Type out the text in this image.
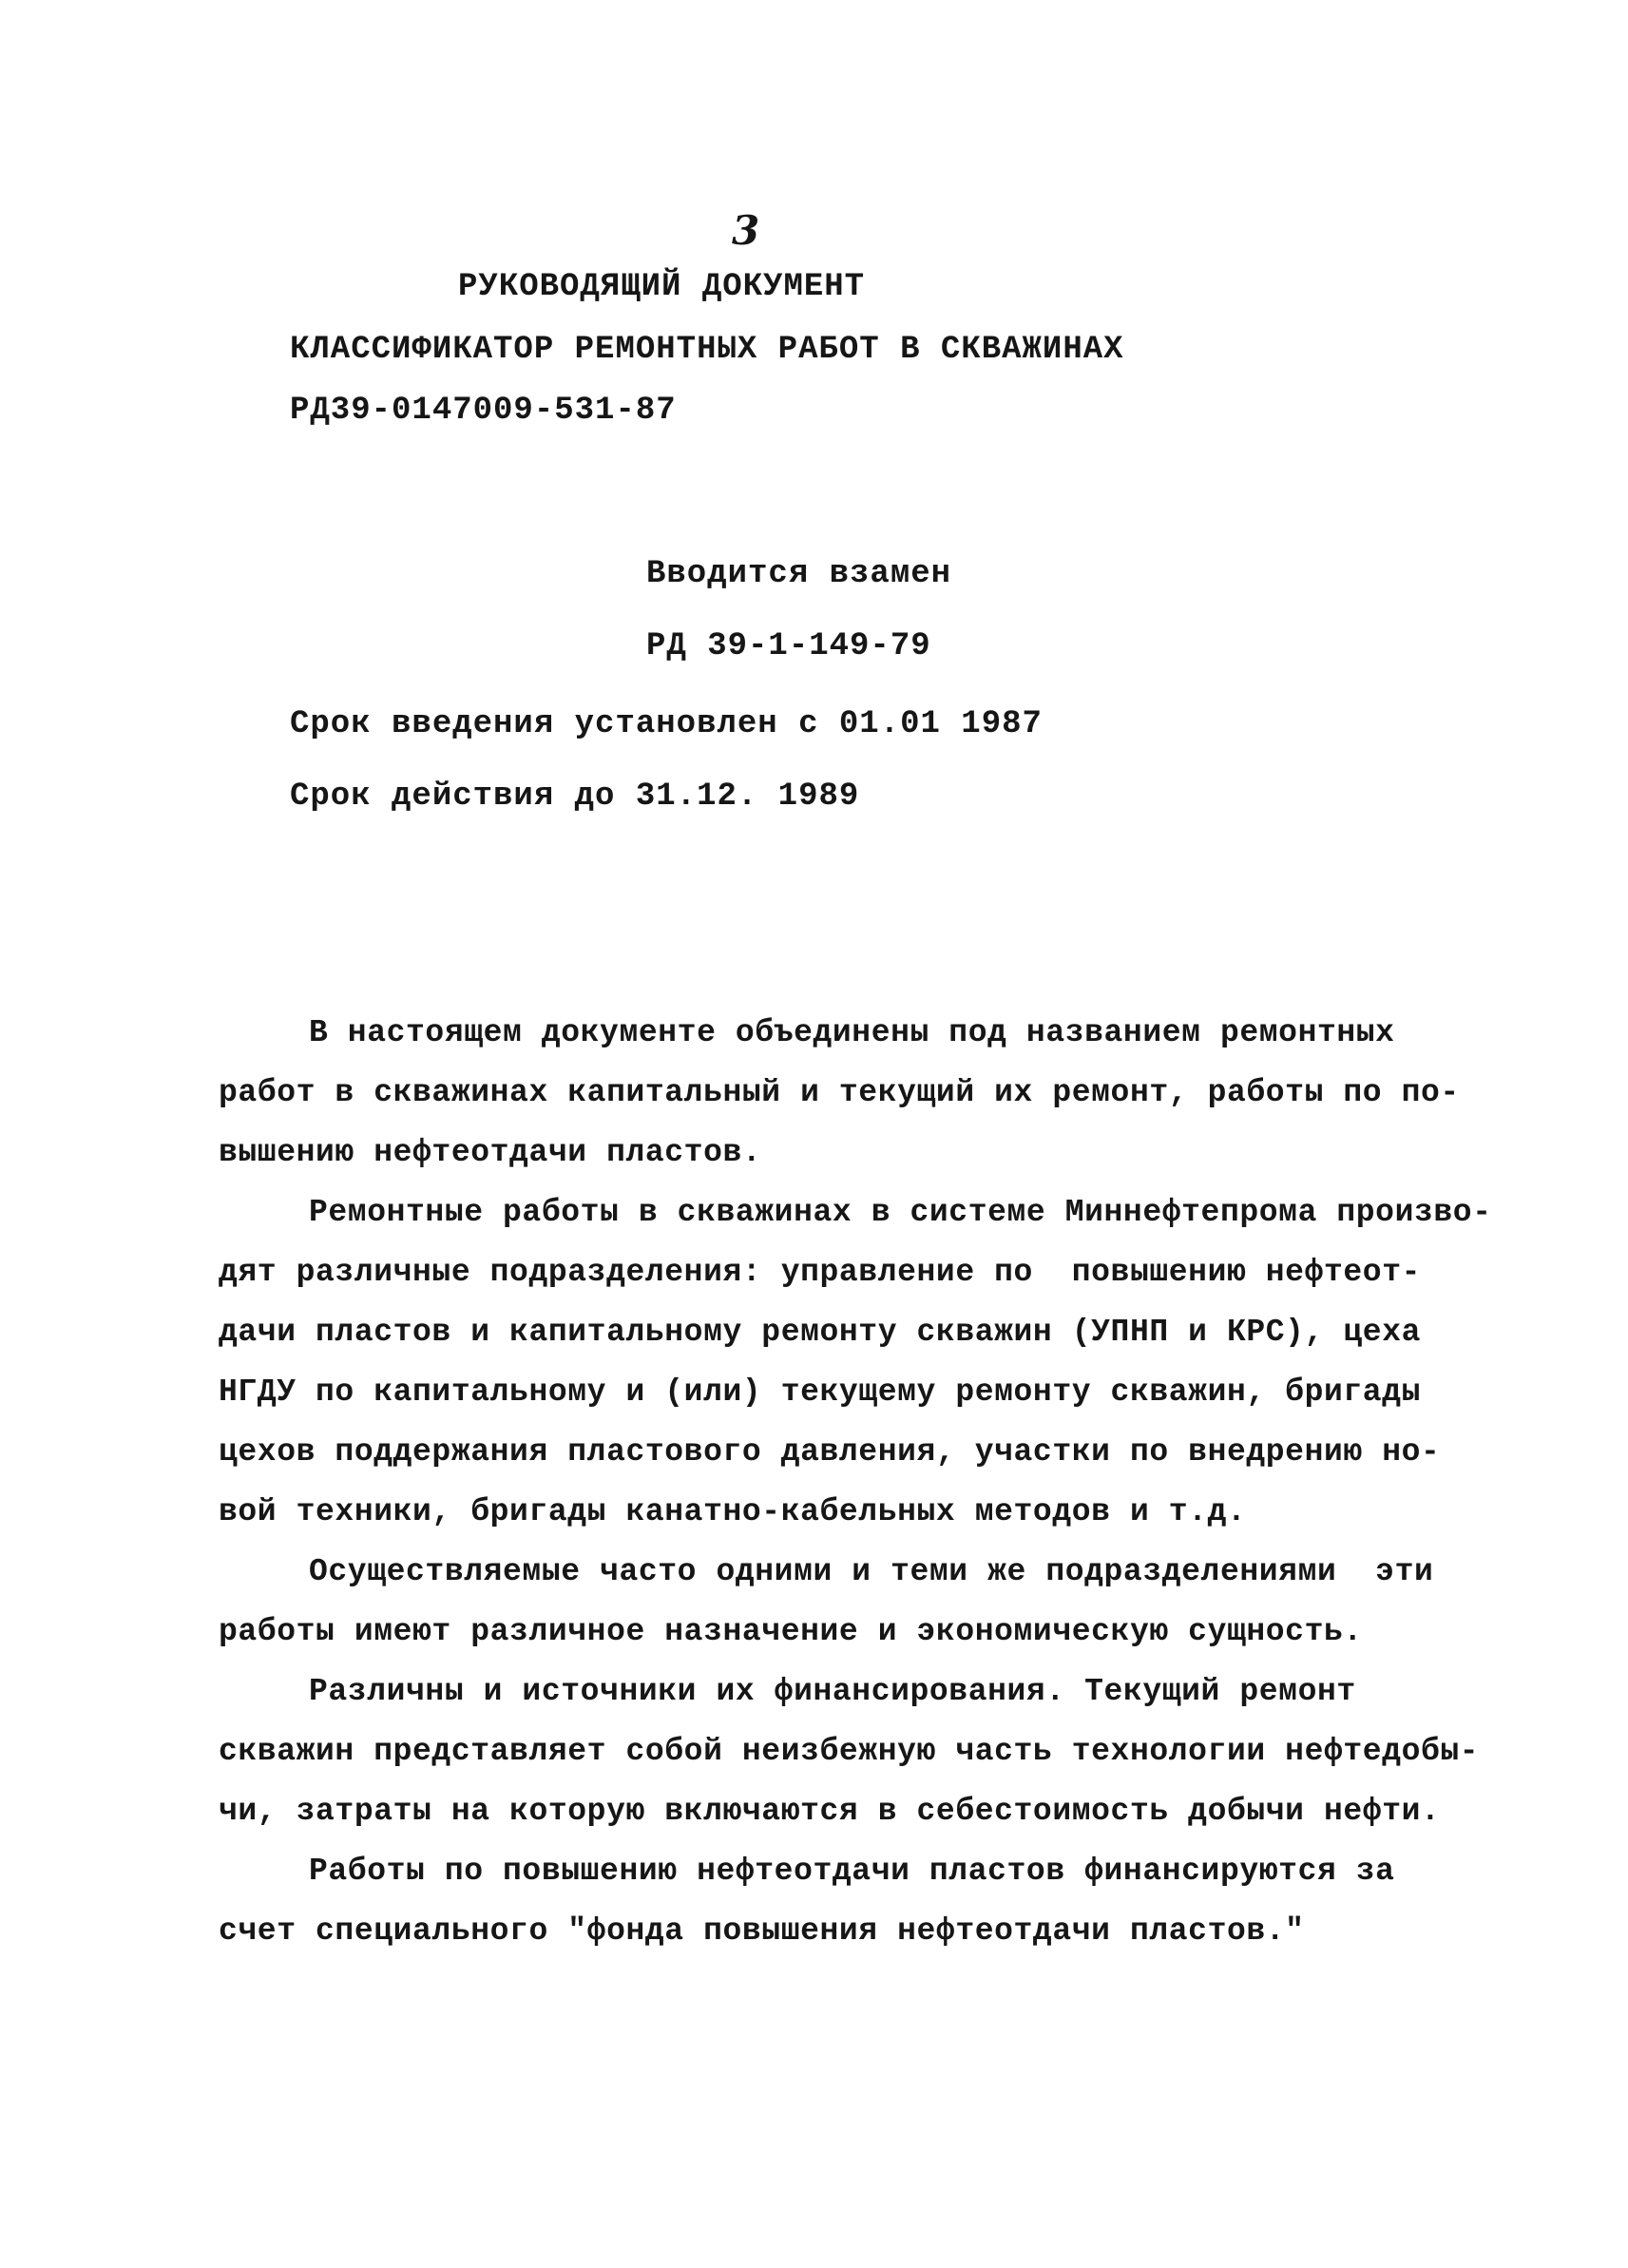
3
РУКОВОДЯЩИЙ ДОКУМЕНТ
КЛАССИФИКАТОР РЕМОНТНЫХ РАБОТ В СКВАЖИНАХ
РД39-0147009-531-87
Вводится взамен
РД 39-1-149-79
Срок введения установлен с 01.01 1987
Срок действия до 31.12. 1989
В настоящем документе объединены под названием ремонтных
работ в скважинах капитальный и текущий их ремонт, работы по по-
вышению нефтеотдачи пластов.
Ремонтные работы в скважинах в системе Миннефтепрома произво-
дят различные подразделения: управление по  повышению нефтеот-
дачи пластов и капитальному ремонту скважин (УПНП и КРС), цеха
НГДУ по капитальному и (или) текущему ремонту скважин, бригады
цехов поддержания пластового давления, участки по внедрению но-
вой техники, бригады канатно-кабельных методов и т.д.
Осуществляемые часто одними и теми же подразделениями  эти
работы имеют различное назначение и экономическую сущность.
Различны и источники их финансирования. Текущий ремонт
скважин представляет собой неизбежную часть технологии нефтедобы-
чи, затраты на которую включаются в себестоимость добычи нефти.
Работы по повышению нефтеотдачи пластов финансируются за
счет специального "фонда повышения нефтеотдачи пластов."
